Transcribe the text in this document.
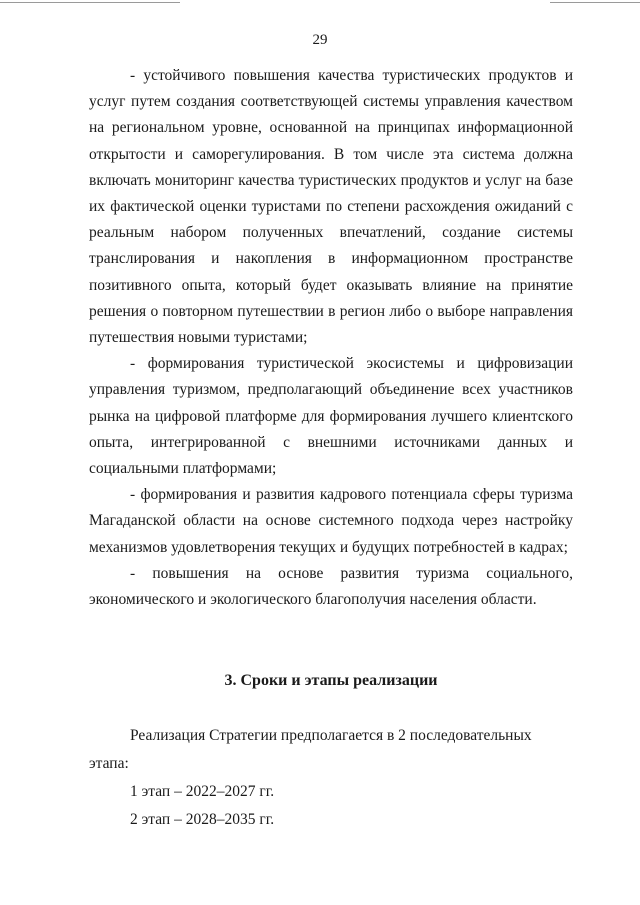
29

- устойчивого повышения качества туристических продуктов и услуг путем создания соответствующей системы управления качеством на региональном уровне, основанной на принципах информационной открытости и саморегулирования. В том числе эта система должна включать мониторинг качества туристических продуктов и услуг на базе их фактической оценки туристами по степени расхождения ожиданий с реальным набором полученных впечатлений, создание системы транслирования и накопления в информационном пространстве позитивного опыта, который будет оказывать влияние на принятие решения о повторном путешествии в регион либо о выборе направления путешествия новыми туристами;

- формирования туристической экосистемы и цифровизации управления туризмом, предполагающий объединение всех участников рынка на цифровой платформе для формирования лучшего клиентского опыта, интегрированной с внешними источниками данных и социальными платформами;

- формирования и развития кадрового потенциала сферы туризма Магаданской области на основе системного подхода через настройку механизмов удовлетворения текущих и будущих потребностей в кадрах;

- повышения на основе развития туризма социального, экономического и экологического благополучия населения области.

3. Сроки и этапы реализации

Реализация Стратегии предполагается в 2 последовательных этапа:

1 этап – 2022–2027 гг.

2 этап – 2028–2035 гг.
